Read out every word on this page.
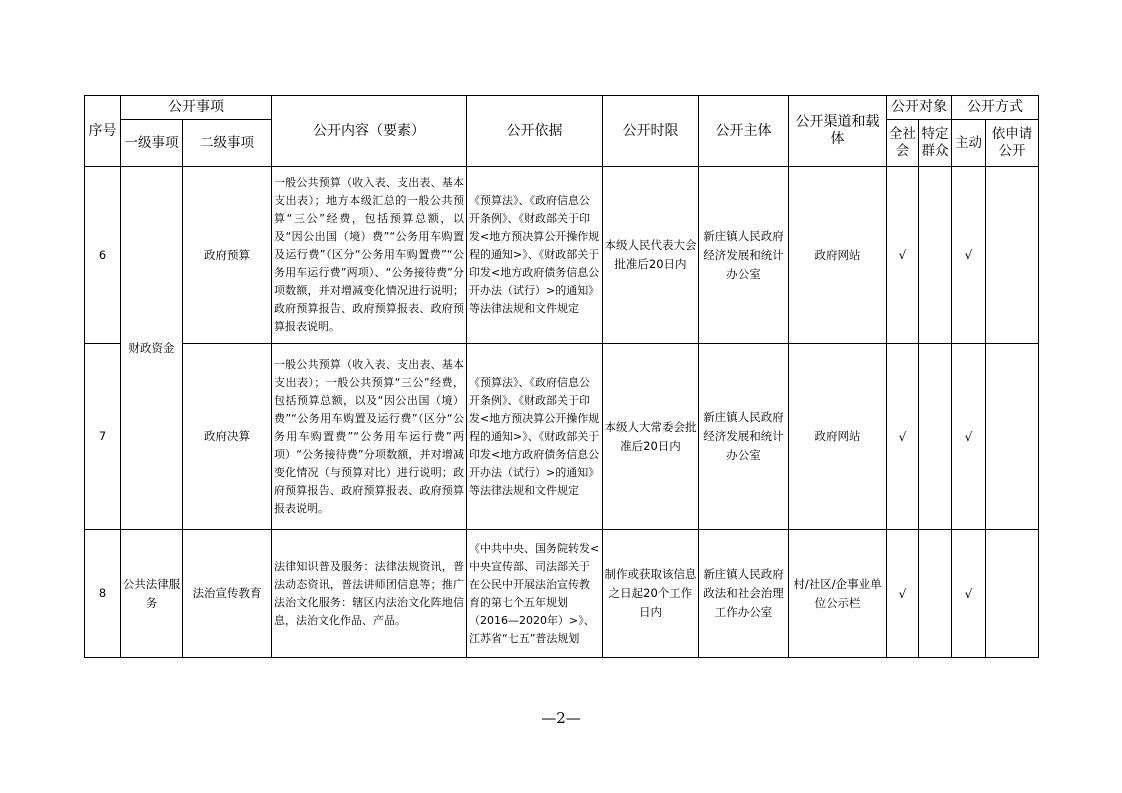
序号	公开事项		公开内容（要素）	公开依据	公开时限	公开主体	公开渠道和载体	公开对象		公开方式	
	一级事项	二级事项						全社会	特定群众	主动	依申请公开
6	财政资金	政府预算	一般公共预算（收入表、支出表、基本支出表）；地方本级汇总的一般公共预算“三公”经费，包括预算总额，以及“因公出国（境）费”“公务用车购置及运行费”（区分“公务用车购置费”“公务用车运行费”两项）、“公务接待费”分项数额，并对增减变化情况进行说明；政府预算报告、政府预算报表、政府预算报表说明。	《预算法》、《政府信息公开条例》、《财政部关于印发<地方预决算公开操作规程的通知>》、《财政部关于印发<地方政府债务信息公开办法（试行）>的通知》等法律法规和文件规定	本级人民代表大会批准后20日内	新庄镇人民政府经济发展和统计办公室	政府网站	√		√	
7		政府决算	一般公共预算（收入表、支出表、基本支出表）；一般公共预算“三公”经费，包括预算总额，以及“因公出国（境）费”“公务用车购置及运行费”（区分“公务用车购置费”“公务用车运行费”两项）“公务接待费”分项数额，并对增减变化情况（与预算对比）进行说明；政府预算报告、政府预算报表、政府预算报表说明。	《预算法》、《政府信息公开条例》、《财政部关于印发<地方预决算公开操作规程的通知>》、《财政部关于印发<地方政府债务信息公开办法（试行）>的通知》等法律法规和文件规定	本级人大常委会批准后20日内	新庄镇人民政府经济发展和统计办公室	政府网站	√		√	
8	公共法律服务	法治宣传教育	法律知识普及服务：法律法规资讯，普法动态资讯，普法讲师团信息等；推广法治文化服务：辖区内法治文化阵地信息，法治文化作品、产品。	《中共中央、国务院转发<中央宣传部、司法部关于在公民中开展法治宣传教育的第七个五年规划（2016—2020年）>》、江苏省“七五”普法规划	制作或获取该信息之日起20个工作日内	新庄镇人民政府政法和社会治理工作办公室	村/社区/企事业单位公示栏	√		√	
—2—
